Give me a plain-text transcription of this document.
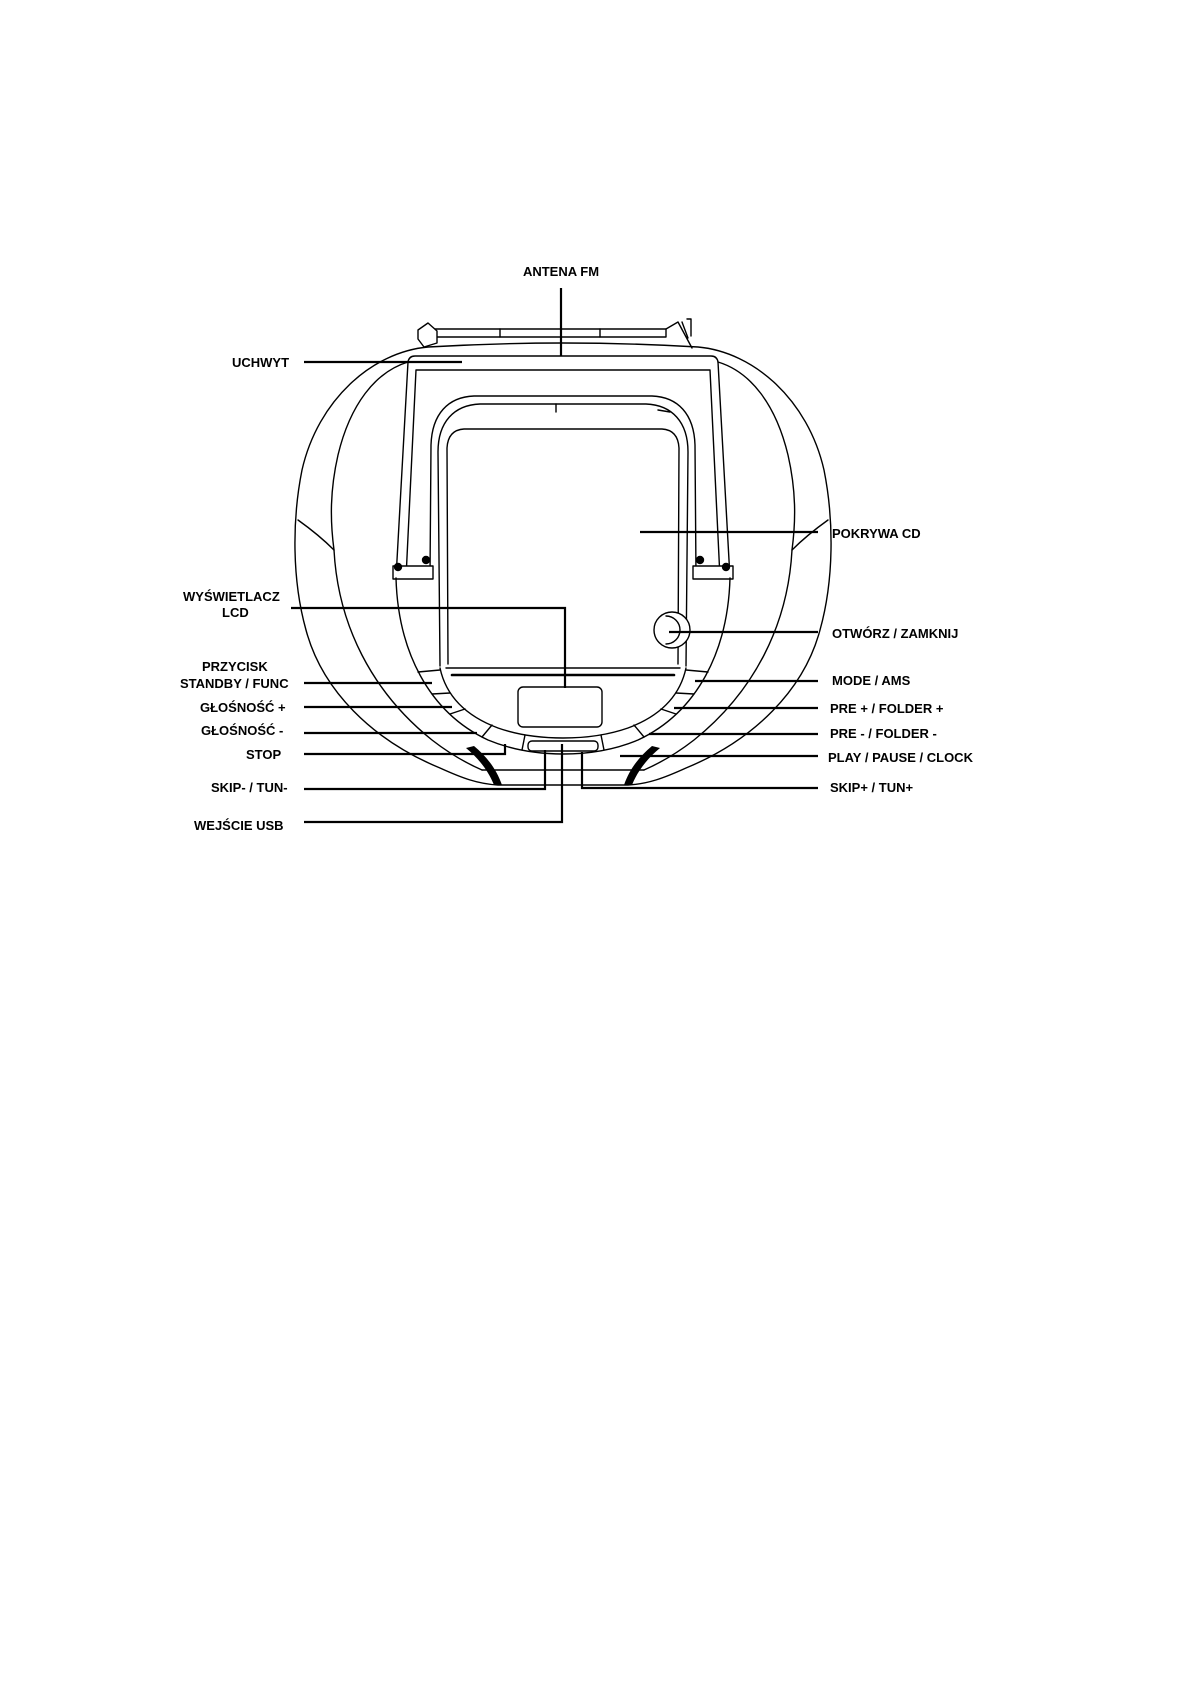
ANTENA FM
UCHWYT
WYŚWIETLACZ
LCD
PRZYCISK
STANDBY / FUNC
GŁOŚNOŚĆ +
GŁOŚNOŚĆ -
STOP
SKIP- / TUN-
WEJŚCIE USB
POKRYWA CD
OTWÓRZ / ZAMKNIJ
MODE / AMS
PRE + / FOLDER +
PRE - / FOLDER -
PLAY / PAUSE / CLOCK
SKIP+ / TUN+
